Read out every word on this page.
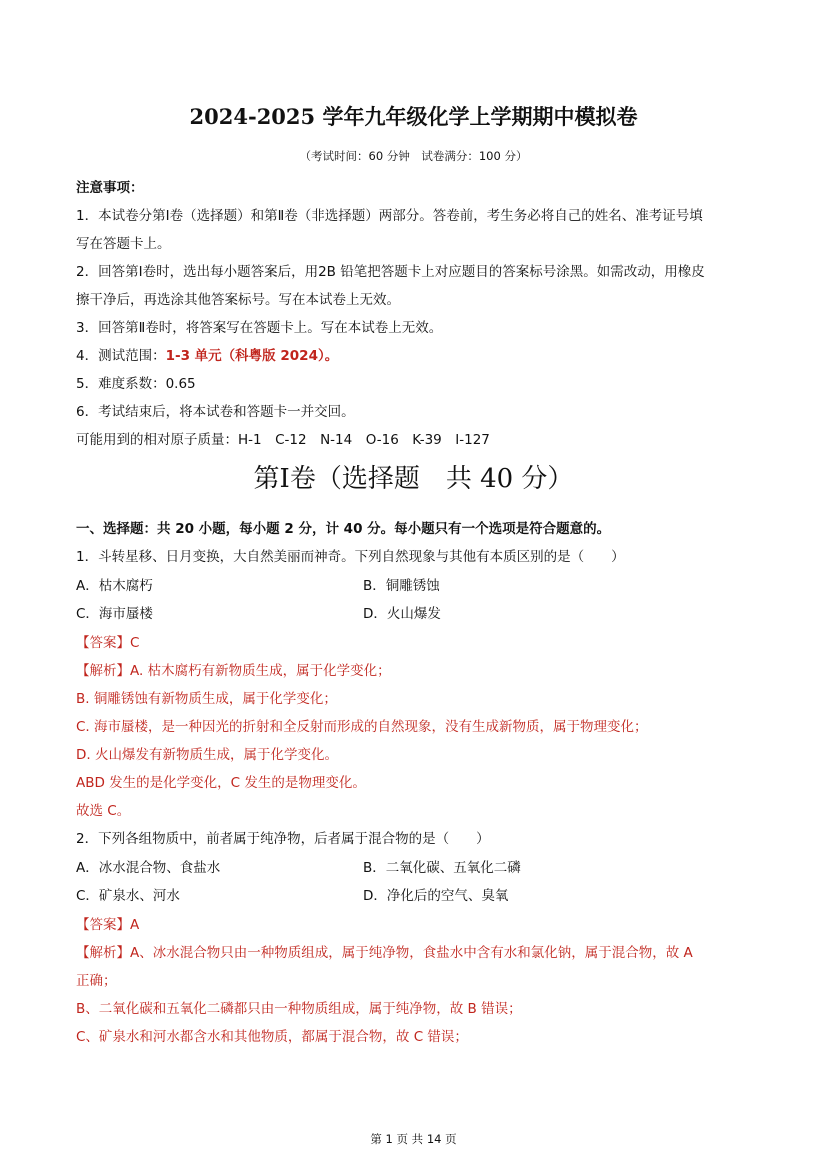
2024-2025 学年九年级化学上学期期中模拟卷
（考试时间：60 分钟　试卷满分：100 分）
注意事项：
1．本试卷分第Ⅰ卷（选择题）和第Ⅱ卷（非选择题）两部分。答卷前，考生务必将自己的姓名、准考证号填
写在答题卡上。
2．回答第Ⅰ卷时，选出每小题答案后，用2B 铅笔把答题卡上对应题目的答案标号涂黑。如需改动，用橡皮
擦干净后，再选涂其他答案标号。写在本试卷上无效。
3．回答第Ⅱ卷时，将答案写在答题卡上。写在本试卷上无效。
4．测试范围：1-3 单元（科粤版 2024）。
5．难度系数：0.65
6．考试结束后，将本试卷和答题卡一并交回。
可能用到的相对原子质量：H-1　C-12　N-14　O-16　K-39　I-127
第Ⅰ卷（选择题　共 40 分）
一、选择题：共 20 小题，每小题 2 分，计 40 分。每小题只有一个选项是符合题意的。
1．斗转星移、日月变换，大自然美丽而神奇。下列自然现象与其他有本质区别的是（　　）
A．枯木腐朽	B．铜雕锈蚀
C．海市蜃楼	D．火山爆发
【答案】C
【解析】A. 枯木腐朽有新物质生成，属于化学变化；
B. 铜雕锈蚀有新物质生成，属于化学变化；
C. 海市蜃楼，是一种因光的折射和全反射而形成的自然现象，没有生成新物质，属于物理变化；
D. 火山爆发有新物质生成，属于化学变化。
ABD 发生的是化学变化，C 发生的是物理变化。
故选 C。
2．下列各组物质中，前者属于纯净物，后者属于混合物的是（　　）
A．冰水混合物、食盐水	B．二氧化碳、五氧化二磷
C．矿泉水、河水	D．净化后的空气、臭氧
【答案】A
【解析】A、冰水混合物只由一种物质组成，属于纯净物，食盐水中含有水和氯化钠，属于混合物，故 A
正确；
B、二氧化碳和五氧化二磷都只由一种物质组成，属于纯净物，故 B 错误；
C、矿泉水和河水都含水和其他物质，都属于混合物，故 C 错误；
第 1 页 共 14 页
